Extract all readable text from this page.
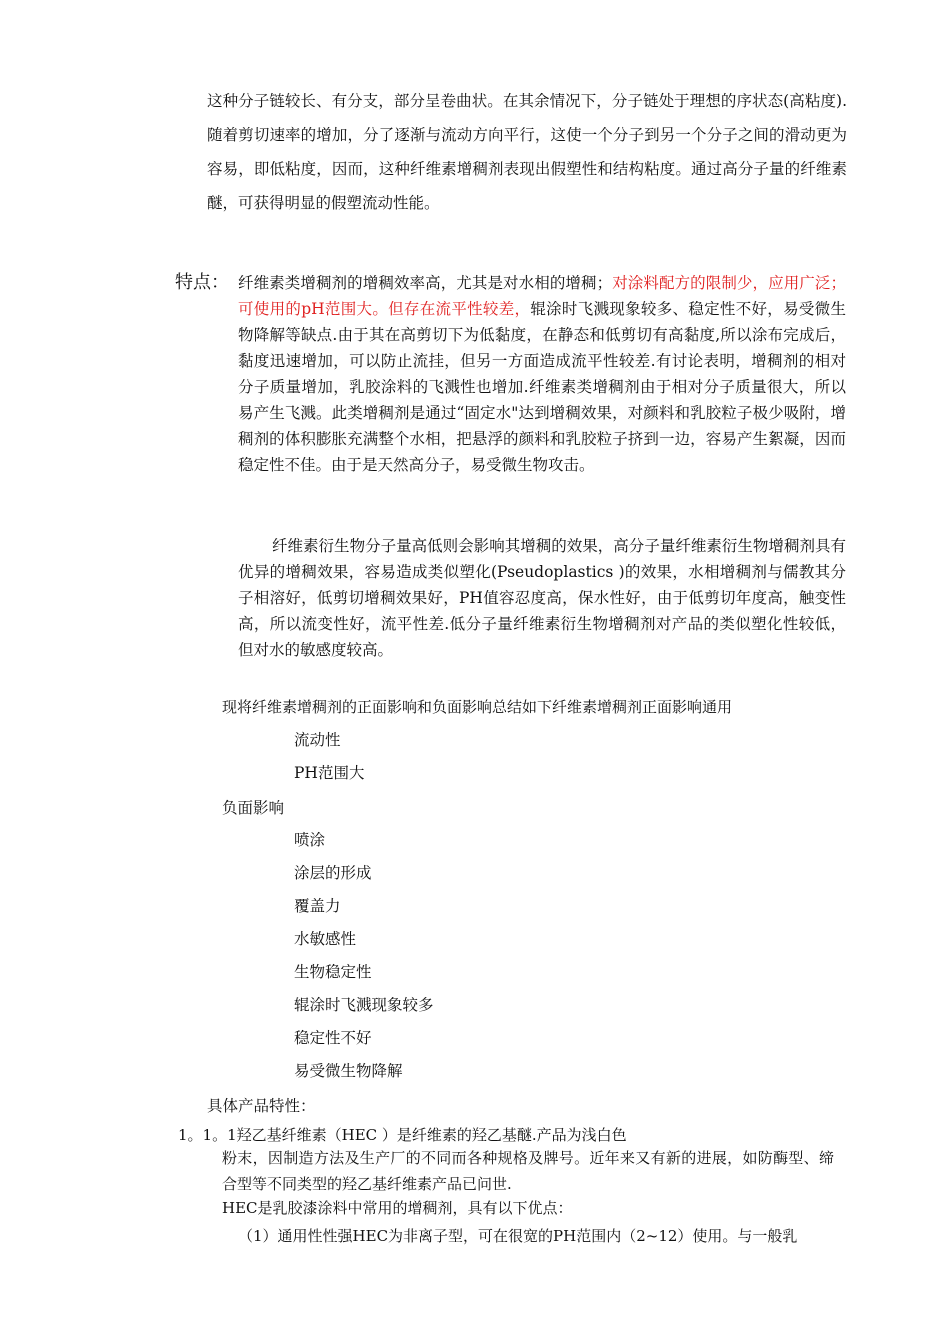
这种分子链较长、有分支，部分呈卷曲状。在其余情况下，分子链处于理想的序状态(高粘度).随着剪切速率的增加，分了逐渐与流动方向平行，这使一个分子到另一个分子之间的滑动更为容易，即低粘度，因而，这种纤维素增稠剂表现出假塑性和结构粘度。通过高分子量的纤维素醚，可获得明显的假塑流动性能。
特点： 纤维素类增稠剂的增稠效率高，尤其是对水相的增稠；对涂料配方的限制少，应用广泛；可使用的pH范围大。但存在流平性较差，辊涂时飞溅现象较多、稳定性不好，易受微生物降解等缺点.由于其在高剪切下为低黏度，在静态和低剪切有高黏度,所以涂布完成后，黏度迅速增加，可以防止流挂，但另一方面造成流平性较差.有讨论表明，增稠剂的相对分子质量增加，乳胶涂料的飞溅性也增加.纤维素类增稠剂由于相对分子质量很大，所以易产生飞溅。此类增稠剂是通过“固定水"达到增稠效果，对颜料和乳胶粒子极少吸附，增稠剂的体积膨胀充满整个水相，把悬浮的颜料和乳胶粒子挤到一边，容易产生絮凝，因而稳定性不佳。由于是天然高分子，易受微生物攻击。
纤维素衍生物分子量高低则会影响其增稠的效果，高分子量纤维素衍生物增稠剂具有优异的增稠效果，容易造成类似塑化(Pseudoplastics )的效果，水相增稠剂与儒教其分子相溶好，低剪切增稠效果好，PH值容忍度高，保水性好，由于低剪切年度高，触变性高，所以流变性好，流平性差.低分子量纤维素衍生物增稠剂对产品的类似塑化性较低，但对水的敏感度较高。
现将纤维素增稠剂的正面影响和负面影响总结如下纤维素增稠剂正面影响通用
流动性
PH范围大
负面影响
喷涂
涂层的形成
覆盖力
水敏感性
生物稳定性
辊涂时飞溅现象较多
稳定性不好
易受微生物降解
具体产品特性：
1。1。1羟乙基纤维素（HEC ）是纤维素的羟乙基醚.产品为浅白色
粉末，因制造方法及生产厂的不同而各种规格及牌号。近年来又有新的进展，如防酶型、缔合型等不同类型的羟乙基纤维素产品已问世.
HEC是乳胶漆涂料中常用的增稠剂，具有以下优点：
（1）通用性性强HEC为非离子型，可在很宽的PH范围内（2~12）使用。与一般乳
